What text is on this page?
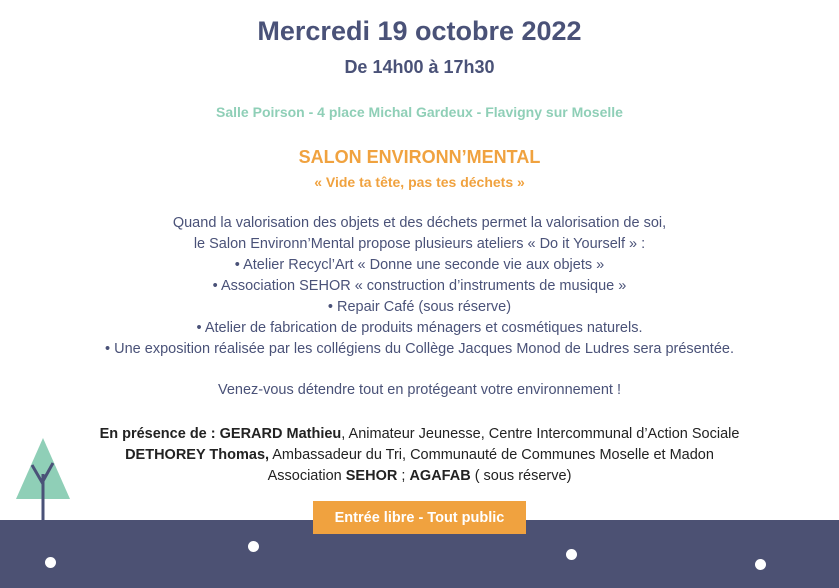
Mercredi 19 octobre 2022
De 14h00 à 17h30
Salle Poirson - 4 place Michal Gardeux - Flavigny sur Moselle
SALON ENVIRONN’MENTAL
« Vide ta tête, pas tes déchets »
Quand la valorisation des objets et des déchets permet la valorisation de soi,
le Salon Environn’Mental propose plusieurs ateliers « Do it Yourself » :
• Atelier Recycl’Art « Donne une seconde vie aux objets »
• Association SEHOR « construction d’instruments de musique »
• Repair Café (sous réserve)
• Atelier de fabrication de produits ménagers et cosmétiques naturels.
• Une exposition réalisée par les collégiens du Collège Jacques Monod de Ludres sera présentée.
Venez-vous détendre tout en protégeant votre environnement !
En présence de : GERARD Mathieu, Animateur Jeunesse, Centre Intercommunal d’Action Sociale
DETHOREY Thomas, Ambassadeur du Tri, Communauté de Communes Moselle et Madon
Association SEHOR ; AGAFAB ( sous réserve)
Entrée libre - Tout public
